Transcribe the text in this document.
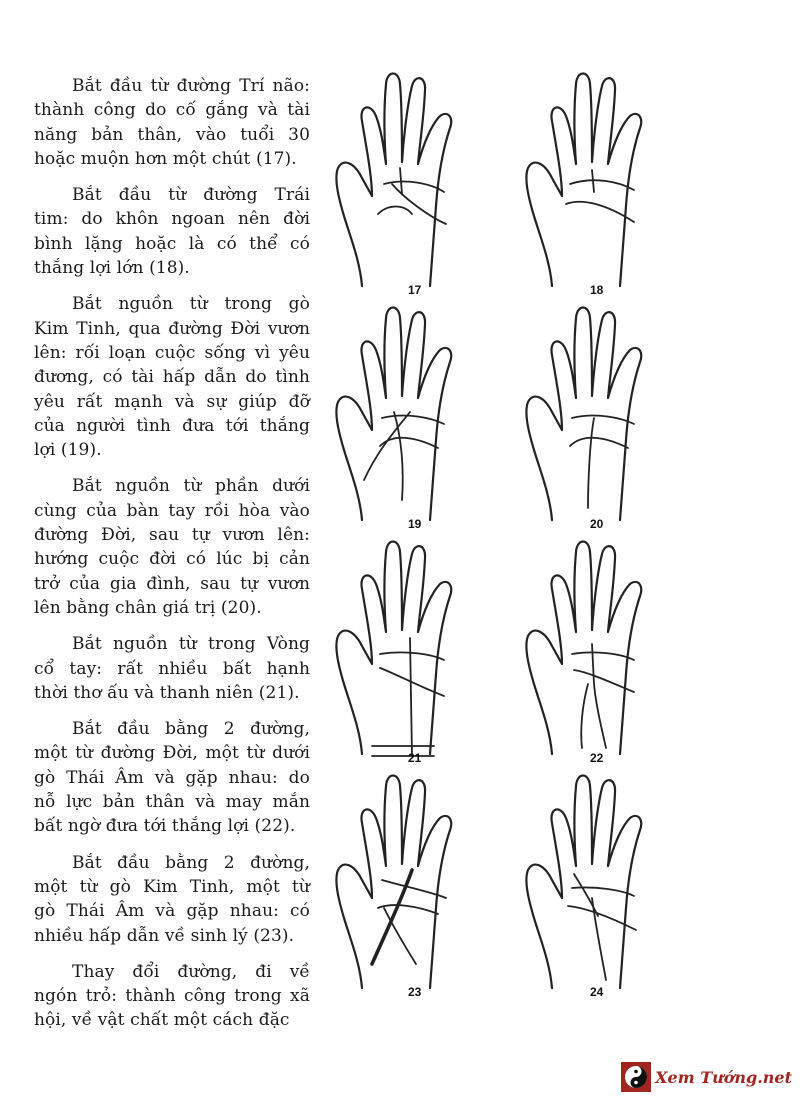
Bắt đầu từ đường Trí não:
thành công do cố gắng và tài
năng bản thân, vào tuổi 30
hoặc muộn hơn một chút (17).
Bắt đầu từ đường Trái
tim: do khôn ngoan nên đời
bình lặng hoặc là có thể có
thắng lợi lớn (18).
Bắt nguồn từ trong gò
Kim Tinh, qua đường Đời vươn
lên: rối loạn cuộc sống vì yêu
đương, có tài hấp dẫn do tình
yêu rất mạnh và sự giúp đỡ
của người tình đưa tới thắng
lợi (19).
Bắt nguồn từ phần dưới
cùng của bàn tay rồi hòa vào
đường Đời, sau tự vươn lên:
hướng cuộc đời có lúc bị cản
trở của gia đình, sau tự vươn
lên bằng chân giá trị (20).
Bắt nguồn từ trong Vòng
cổ tay: rất nhiều bất hạnh
thời thơ ấu và thanh niên (21).
Bắt đầu bằng 2 đường,
một từ đường Đời, một từ dưới
gò Thái Âm và gặp nhau: do
nỗ lực bản thân và may mắn
bất ngờ đưa tới thắng lợi (22).
Bắt đầu bằng 2 đường,
một từ gò Kim Tinh, một từ
gò Thái Âm và gặp nhau: có
nhiều hấp dẫn về sinh lý (23).
Thay đổi đường, đi về
ngón trỏ: thành công trong xã
hội, về vật chất một cách đặc
17	18
19	20
21	22
23	24
Xem Tướng.net
